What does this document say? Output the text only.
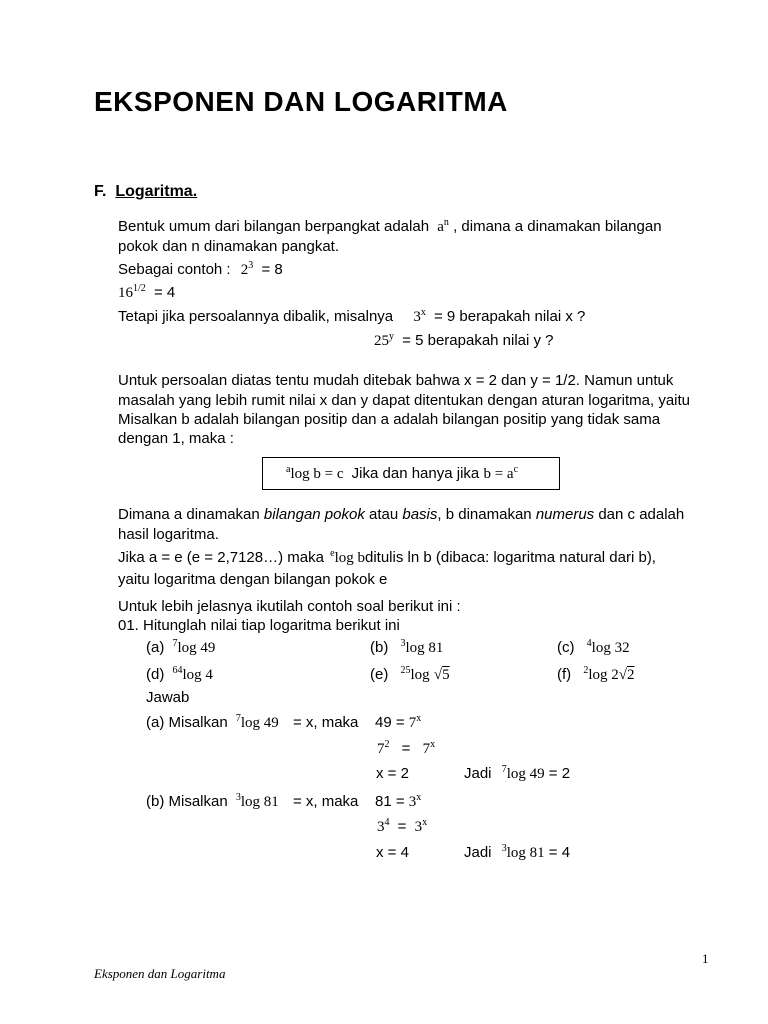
EKSPONEN DAN LOGARITMA
F. Logaritma.
Bentuk umum dari bilangan berpangkat adalah $a^n$ , dimana a dinamakan bilangan
pokok dan n dinamakan pangkat.
Sebagai contoh : $2^3 = 8$
$16^{1/2} = 4$
Tetapi jika persoalannya dibalik, misalnya $3^x = 9$ berapakah nilai x ?
$25^y = 5$ berapakah nilai y ?
Untuk persoalan diatas tentu mudah ditebak bahwa x = 2 dan y = 1/2. Namun untuk
masalah yang lebih rumit nilai x dan y dapat ditentukan dengan aturan logaritma, yaitu
Misalkan b adalah bilangan positip dan a adalah bilangan positip yang tidak sama
dengan 1, maka :
$^a$log b = c Jika dan hanya jika $b = a^c$
Dimana a dinamakan bilangan pokok atau basis, b dinamakan numerus dan c adalah
hasil logaritma.
Jika a = e (e = 2,7128…) maka $^e$log bditulis ln b (dibaca: logaritma natural dari b),
yaitu logaritma dengan bilangan pokok e
Untuk lebih jelasnya ikutilah contoh soal berikut ini :
01. Hitunglah nilai tiap logaritma berikut ini
(a) $^7$log 49	(b) $^3$log 81	(c) $^4$log 32
(d) $^{64}$log 4	(e) $^{25}$log √5	(f) $^2$log 2√2
Jawab
(a) Misalkan $^7$log 49 = x, maka $49 = 7^x$
$7^2 = 7^x$
x = 2	Jadi $^7$log 49 = 2
(b) Misalkan $^3$log 81 = x, maka $81 = 3^x$
$3^4 = 3^x$
x = 4	Jadi $^3$log 81 = 4
1
Eksponen dan Logaritma
